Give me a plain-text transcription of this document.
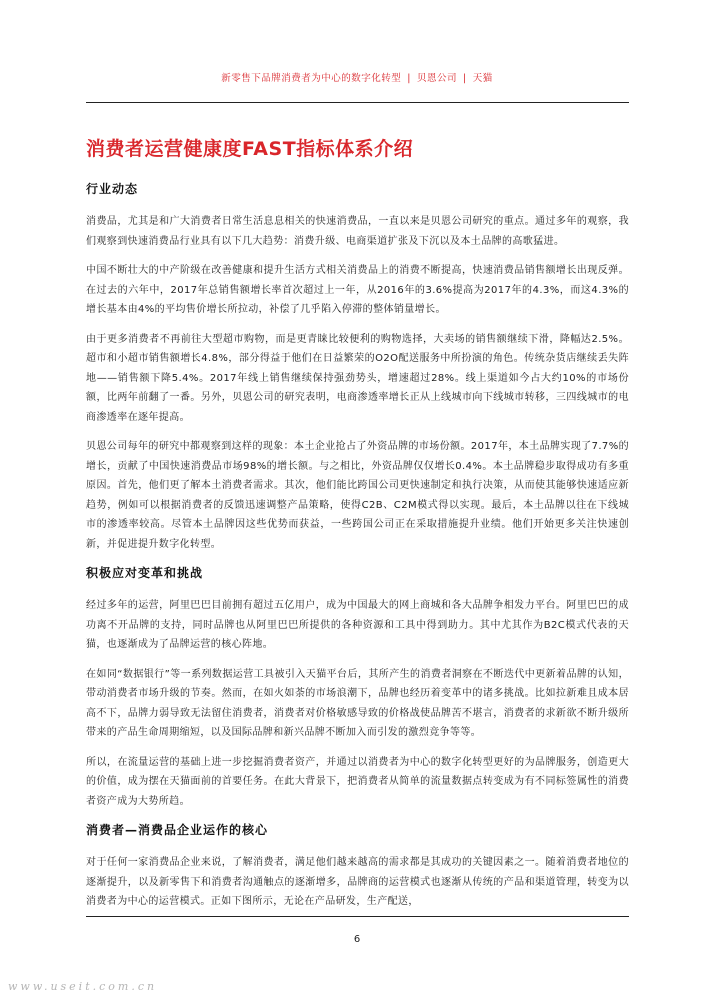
新零售下品牌消费者为中心的数字化转型 | 贝恩公司 | 天猫
消费者运营健康度FAST指标体系介绍
行业动态

消费品，尤其是和广大消费者日常生活息息相关的快速消费品，一直以来是贝恩公司研究的重点。通过多年的观察，我们观察到快速消费品行业具有以下几大趋势：消费升级、电商渠道扩张及下沉以及本土品牌的高歌猛进。

中国不断壮大的中产阶级在改善健康和提升生活方式相关消费品上的消费不断提高，快速消费品销售额增长出现反弹。在过去的六年中，2017年总销售额增长率首次超过上一年，从2016年的3.6%提高为2017年的4.3%，而这4.3%的增长基本由4%的平均售价增长所拉动，补偿了几乎陷入停滞的整体销量增长。

由于更多消费者不再前往大型超市购物，而是更青睐比较便利的购物选择，大卖场的销售额继续下滑，降幅达2.5%。超市和小超市销售额增长4.8%，部分得益于他们在日益繁荣的O2O配送服务中所扮演的角色。传统杂货店继续丢失阵地——销售额下降5.4%。2017年线上销售继续保持强劲势头，增速超过28%。线上渠道如今占大约10%的市场份额，比两年前翻了一番。另外，贝恩公司的研究表明，电商渗透率增长正从上线城市向下线城市转移，三四线城市的电商渗透率在逐年提高。

贝恩公司每年的研究中都观察到这样的现象：本土企业抢占了外资品牌的市场份额。2017年，本土品牌实现了7.7%的增长，贡献了中国快速消费品市场98%的增长额。与之相比，外资品牌仅仅增长0.4%。本土品牌稳步取得成功有多重原因。首先，他们更了解本土消费者需求。其次，他们能比跨国公司更快速制定和执行决策，从而使其能够快速适应新趋势，例如可以根据消费者的反馈迅速调整产品策略，使得C2B、C2M模式得以实现。最后，本土品牌以往在下线城市的渗透率较高。尽管本土品牌因这些优势而获益，一些跨国公司正在采取措施提升业绩。他们开始更多关注快速创新，并促进提升数字化转型。

积极应对变革和挑战

经过多年的运营，阿里巴巴目前拥有超过五亿用户，成为中国最大的网上商城和各大品牌争相发力平台。阿里巴巴的成功离不开品牌的支持，同时品牌也从阿里巴巴所提供的各种资源和工具中得到助力。其中尤其作为B2C模式代表的天猫，也逐渐成为了品牌运营的核心阵地。

在如同“数据银行”等一系列数据运营工具被引入天猫平台后，其所产生的消费者洞察在不断迭代中更新着品牌的认知，带动消费者市场升级的节奏。然而，在如火如荼的市场浪潮下，品牌也经历着变革中的诸多挑战。比如拉新难且成本居高不下，品牌力弱导致无法留住消费者，消费者对价格敏感导致的价格战使品牌苦不堪言，消费者的求新欲不断升级所带来的产品生命周期缩短，以及国际品牌和新兴品牌不断加入而引发的激烈竞争等等。

所以，在流量运营的基础上进一步挖掘消费者资产，并通过以消费者为中心的数字化转型更好的为品牌服务，创造更大的价值，成为摆在天猫面前的首要任务。在此大背景下，把消费者从简单的流量数据点转变成为有不同标签属性的消费者资产成为大势所趋。

消费者—消费品企业运作的核心

对于任何一家消费品企业来说，了解消费者，满足他们越来越高的需求都是其成功的关键因素之一。随着消费者地位的逐渐提升，以及新零售下和消费者沟通触点的逐渐增多，品牌商的运营模式也逐渐从传统的产品和渠道管理，转变为以消费者为中心的运营模式。正如下图所示，无论在产品研发，生产配送，

6
www.useit.com.cn
